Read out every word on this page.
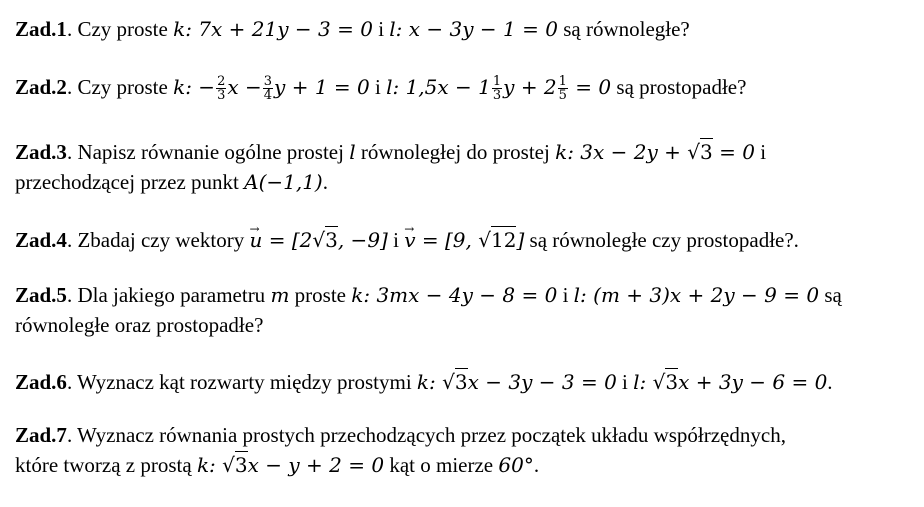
Zad.1. Czy proste k: 7x + 21y − 3 = 0 i l: x − 3y − 1 = 0 są równoległe?
Zad.2. Czy proste k: − $\frac{2}{3}$ $x - \frac{3}{4}$ y + 1 = 0 i l: $1,5x - 1 \frac{1}{3}$ $y + 2 \frac{1}{5} = 0$ są prostopadłe?
Zad.3. Napisz równanie ogólne prostej l równoległej do prostej k: 3x − 2y + √3 = 0 i
przechodzącej przez punkt A(−1,1).
Zad.4. Zbadaj czy wektory → u = [2√3, −9] i → v = [9, √12] są równoległe czy prostopadłe?.
Zad.5. Dla jakiego parametru m proste k: 3mx − 4y − 8 = 0 i l: (m + 3)x + 2y − 9 = 0 są
równoległe oraz prostopadłe?
Zad.6. Wyznacz kąt rozwarty między prostymi k: √3x − 3y − 3 = 0 i l: √3x + 3y − 6 = 0.
Zad.7. Wyznacz równania prostych przechodzących przez początek układu współrzędnych,
które tworzą z prostą k: √3x − y + 2 = 0 kąt o mierze 60°.
